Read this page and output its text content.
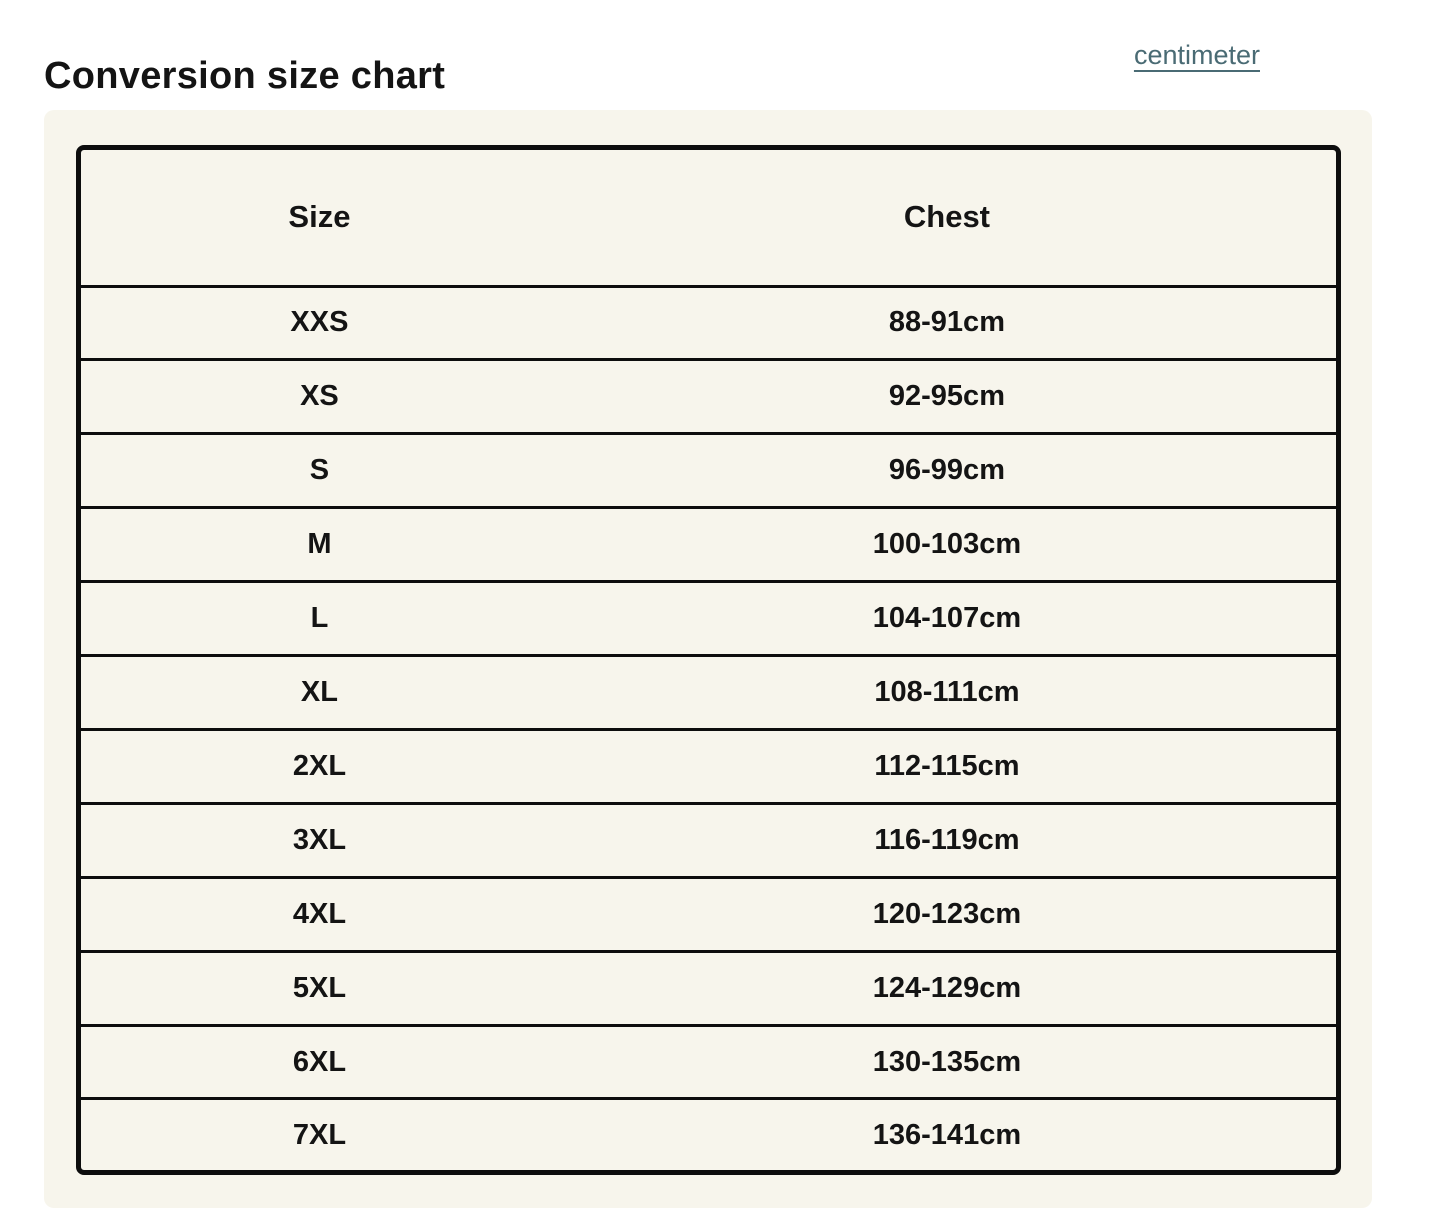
Conversion size chart
centimeter
Size	Chest
XXS	88-91cm
XS	92-95cm
S	96-99cm
M	100-103cm
L	104-107cm
XL	108-111cm
2XL	112-115cm
3XL	116-119cm
4XL	120-123cm
5XL	124-129cm
6XL	130-135cm
7XL	136-141cm
